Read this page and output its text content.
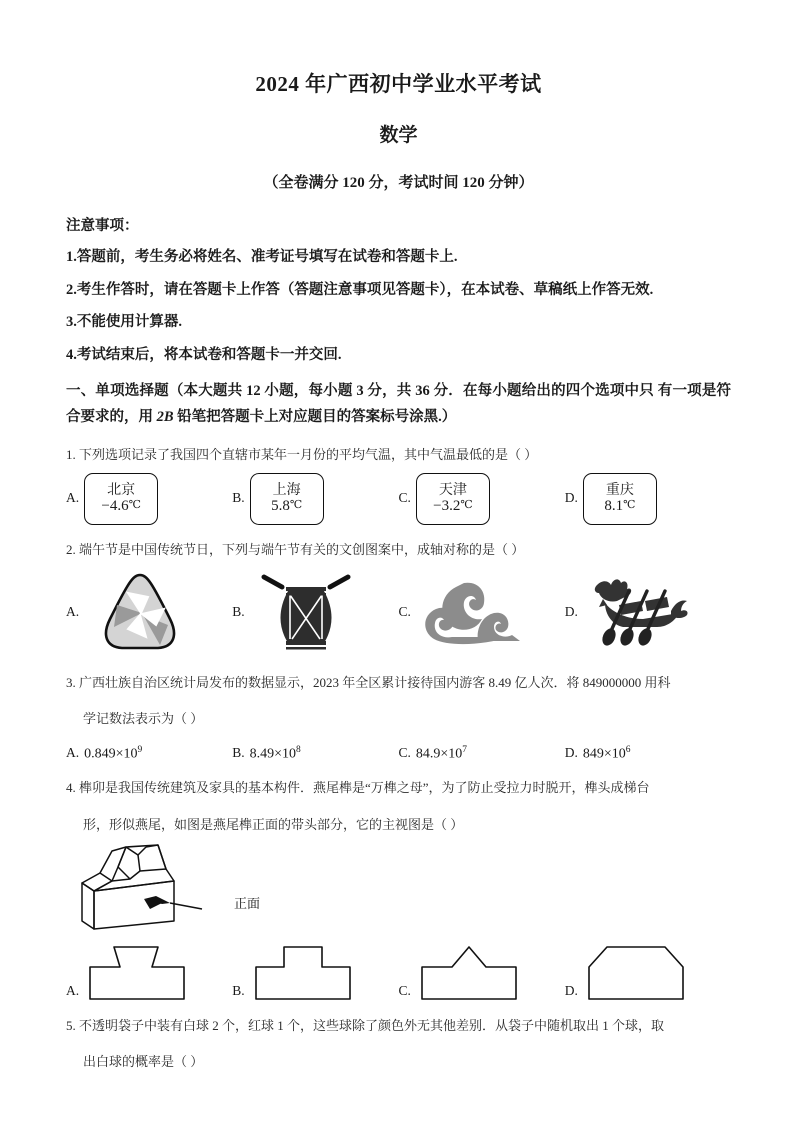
2024 年广西初中学业水平考试
数学
（全卷满分 120 分，考试时间 120 分钟）
注意事项：
1.答题前，考生务必将姓名、准考证号填写在试卷和答题卡上.
2.考生作答时，请在答题卡上作答（答题注意事项见答题卡），在本试卷、草稿纸上作答无效.
3.不能使用计算器.
4.考试结束后，将本试卷和答题卡一并交回.
一、单项选择题（本大题共 12 小题，每小题 3 分，共 36 分．在每小题给出的四个选项中只 有一项是符合要求的，用 2B 铅笔把答题卡上对应题目的答案标号涂黑.）
1. 下列选项记录了我国四个直辖市某年一月份的平均气温，其中气温最低的是（ ）
A. 北京
−4.6℃
B. 上海
5.8℃
C. 天津
−3.2℃
D. 重庆
8.1℃
2. 端午节是中国传统节日，下列与端午节有关的文创图案中，成轴对称的是（ ）
A.	B.	C.	D.
3. 广西壮族自治区统计局发布的数据显示，2023 年全区累计接待国内游客 8.49 亿人次．将 849000000 用科
学记数法表示为（ ）
A. $0.849\times 10^9$	B. $8.49\times 10^8$	C. $84.9\times 10^7$	D. $849\times 10^6$
4. 榫卯是我国传统建筑及家具的基本构件．燕尾榫是“万榫之母”，为了防止受拉力时脱开，榫头成梯台
形，形似燕尾，如图是燕尾榫正面的带头部分，它的主视图是（ ）
正面
A.	B.	C.	D.
5. 不透明袋子中装有白球 2 个，红球 1 个，这些球除了颜色外无其他差别．从袋子中随机取出 1 个球，取
出白球的概率是（ ）
